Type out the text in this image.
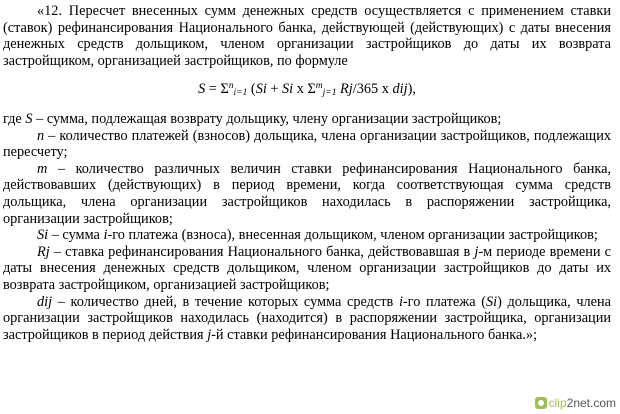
«12. Пересчет внесенных сумм денежных средств осуществляется с применением ставки (ставок) рефинансирования Национального банка, действующей (действующих) с даты внесения денежных средств дольщиком, членом организации застройщиков до даты их возврата застройщиком, организацией застройщиков, по формуле

$S = \Sigma^n_{i=1}$ (Si + Si x $\Sigma^m_{j=1}$ Rj/365 x dij),

где S – сумма, подлежащая возврату дольщику, члену организации застройщиков;

n – количество платежей (взносов) дольщика, члена организации застройщиков, подлежащих пересчету;

m – количество различных величин ставки рефинансирования Национального банка, действовавших (действующих) в период времени, когда соответствующая сумма средств дольщика, члена организации застройщиков находилась в распоряжении застройщика, организации застройщиков;

Si – сумма i-го платежа (взноса), внесенная дольщиком, членом организации застройщиков;

Rj – ставка рефинансирования Национального банка, действовавшая в j-м периоде времени с даты внесения денежных средств дольщиком, членом организации застройщиков до даты их возврата застройщиком, организацией застройщиков;

dij – количество дней, в течение которых сумма средств i-го платежа (Si) дольщика, члена организации застройщиков находилась (находится) в распоряжении застройщика, организации застройщиков в период действия j-й ставки рефинансирования Национального банка.»;

clip 2net.com
